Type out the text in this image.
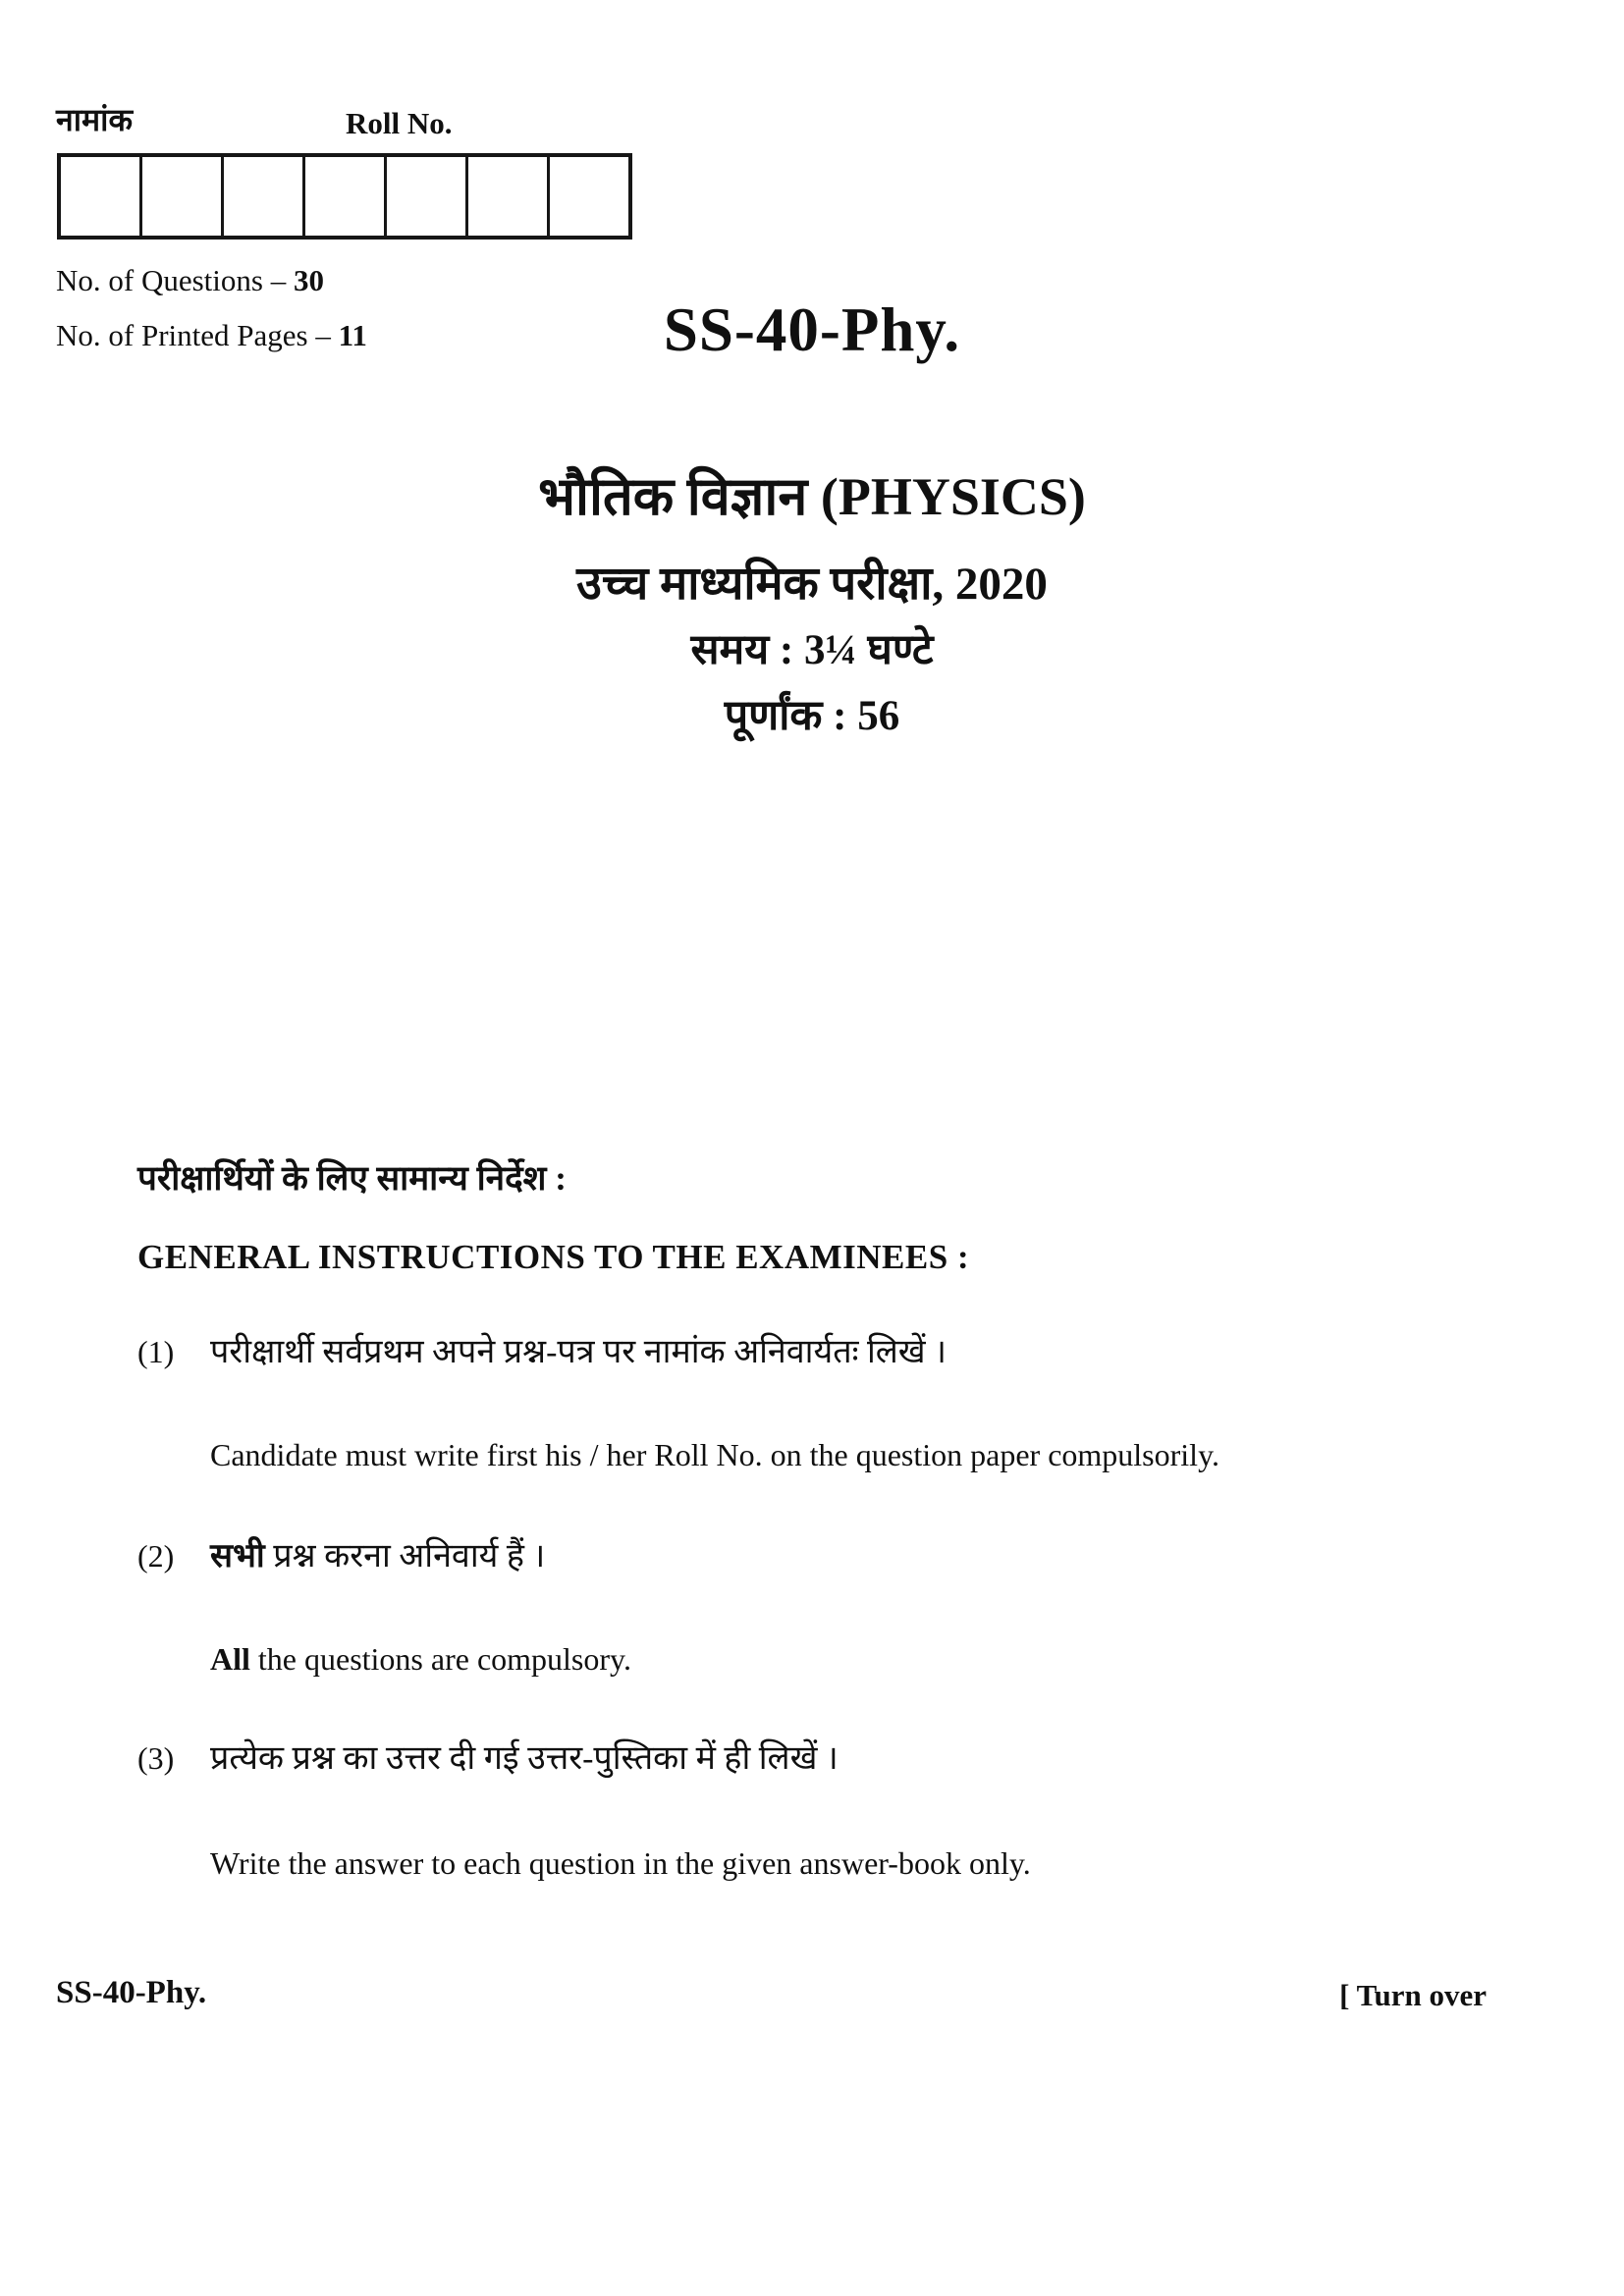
नामांक	Roll No.
No. of Questions – 30
No. of Printed Pages – 11	SS-40-Phy.
भौतिक विज्ञान (PHYSICS)
उच्च माध्यमिक परीक्षा, 2020
समय : 3¼ घण्टे
पूर्णांक : 56
परीक्षार्थियों के लिए सामान्य निर्देश :
GENERAL INSTRUCTIONS TO THE EXAMINEES :
(1) परीक्षार्थी सर्वप्रथम अपने प्रश्न-पत्र पर नामांक अनिवार्यतः लिखें ।
Candidate must write first his / her Roll No. on the question paper compulsorily.
(2) सभी प्रश्न करना अनिवार्य हैं ।
All the questions are compulsory.
(3) प्रत्येक प्रश्न का उत्तर दी गई उत्तर-पुस्तिका में ही लिखें ।
Write the answer to each question in the given answer-book only.
SS-40-Phy.	[ Turn over
